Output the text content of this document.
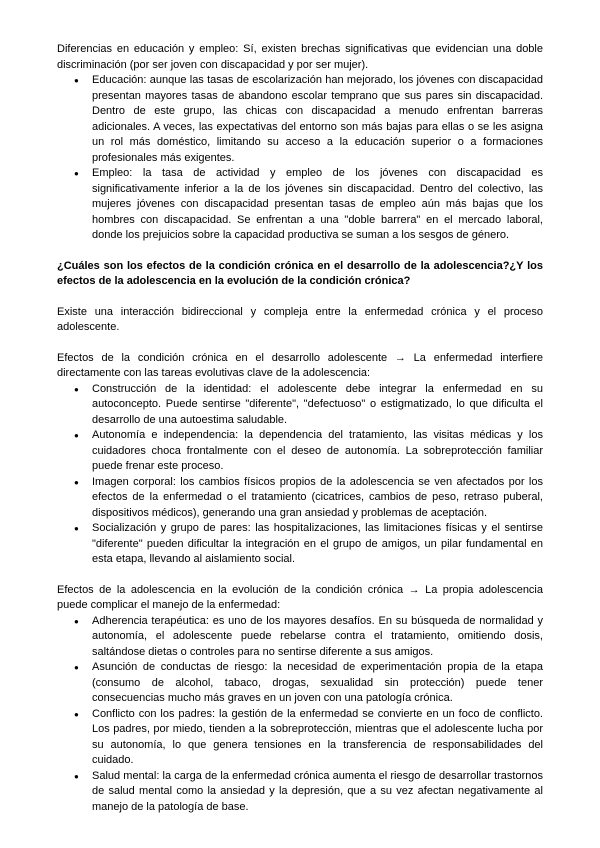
Diferencias en educación y empleo: Sí, existen brechas significativas que evidencian una doble discriminación (por ser joven con discapacidad y por ser mujer).

● Educación: aunque las tasas de escolarización han mejorado, los jóvenes con discapacidad presentan mayores tasas de abandono escolar temprano que sus pares sin discapacidad. Dentro de este grupo, las chicas con discapacidad a menudo enfrentan barreras adicionales. A veces, las expectativas del entorno son más bajas para ellas o se les asigna un rol más doméstico, limitando su acceso a la educación superior o a formaciones profesionales más exigentes.
● Empleo: la tasa de actividad y empleo de los jóvenes con discapacidad es significativamente inferior a la de los jóvenes sin discapacidad. Dentro del colectivo, las mujeres jóvenes con discapacidad presentan tasas de empleo aún más bajas que los hombres con discapacidad. Se enfrentan a una "doble barrera" en el mercado laboral, donde los prejuicios sobre la capacidad productiva se suman a los sesgos de género.

¿Cuáles son los efectos de la condición crónica en el desarrollo de la adolescencia?¿Y los efectos de la adolescencia en la evolución de la condición crónica?

Existe una interacción bidireccional y compleja entre la enfermedad crónica y el proceso adolescente.

Efectos de la condición crónica en el desarrollo adolescente → La enfermedad interfiere directamente con las tareas evolutivas clave de la adolescencia:

● Construcción de la identidad: el adolescente debe integrar la enfermedad en su autoconcepto. Puede sentirse "diferente", "defectuoso" o estigmatizado, lo que dificulta el desarrollo de una autoestima saludable.
● Autonomía e independencia: la dependencia del tratamiento, las visitas médicas y los cuidadores choca frontalmente con el deseo de autonomía. La sobreprotección familiar puede frenar este proceso.
● Imagen corporal: los cambios físicos propios de la adolescencia se ven afectados por los efectos de la enfermedad o el tratamiento (cicatrices, cambios de peso, retraso puberal, dispositivos médicos), generando una gran ansiedad y problemas de aceptación.
● Socialización y grupo de pares: las hospitalizaciones, las limitaciones físicas y el sentirse "diferente" pueden dificultar la integración en el grupo de amigos, un pilar fundamental en esta etapa, llevando al aislamiento social.

Efectos de la adolescencia en la evolución de la condición crónica → La propia adolescencia puede complicar el manejo de la enfermedad:

● Adherencia terapéutica: es uno de los mayores desafíos. En su búsqueda de normalidad y autonomía, el adolescente puede rebelarse contra el tratamiento, omitiendo dosis, saltándose dietas o controles para no sentirse diferente a sus amigos.
● Asunción de conductas de riesgo: la necesidad de experimentación propia de la etapa (consumo de alcohol, tabaco, drogas, sexualidad sin protección) puede tener consecuencias mucho más graves en un joven con una patología crónica.
● Conflicto con los padres: la gestión de la enfermedad se convierte en un foco de conflicto. Los padres, por miedo, tienden a la sobreprotección, mientras que el adolescente lucha por su autonomía, lo que genera tensiones en la transferencia de responsabilidades del cuidado.
● Salud mental: la carga de la enfermedad crónica aumenta el riesgo de desarrollar trastornos de salud mental como la ansiedad y la depresión, que a su vez afectan negativamente al manejo de la patología de base.
